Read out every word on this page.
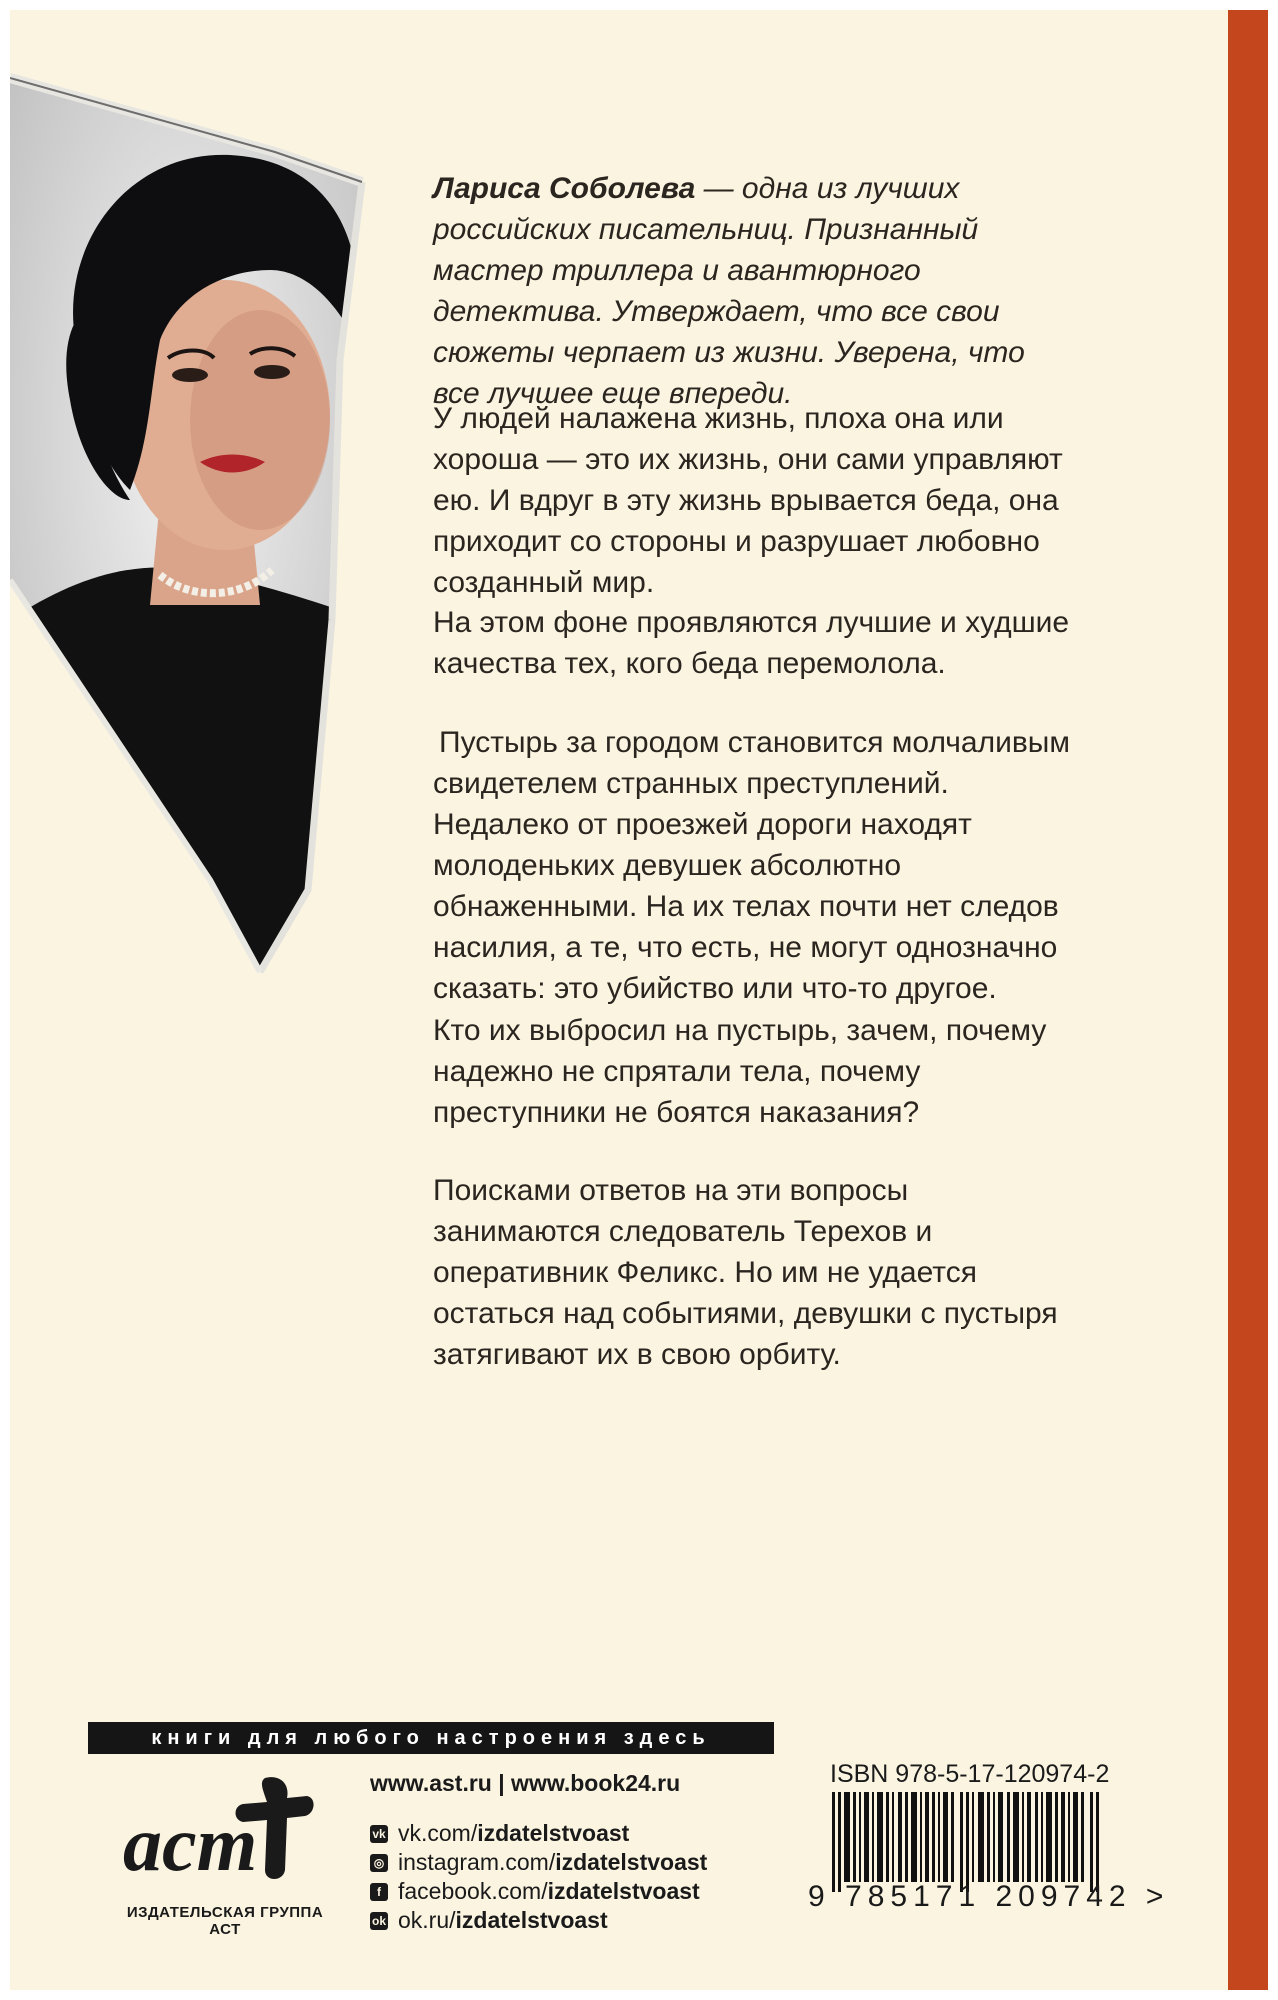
Лариса Соболева — одна из лучших российских писательниц. Признанный мастер триллера и авантюрного детектива. Утверждает, что все свои сюжеты черпает из жизни. Уверена, что все лучшее еще впереди.

У людей налажена жизнь, плоха она или хороша — это их жизнь, они сами управляют ею. И вдруг в эту жизнь врывается беда, она приходит со стороны и разрушает любовно созданный мир.

На этом фоне проявляются лучшие и худшие качества тех, кого беда перемолола.

Пустырь за городом становится молчаливым свидетелем странных преступлений. Недалеко от проезжей дороги находят молоденьких девушек абсолютно обнаженными. На их телах почти нет следов насилия, а те, что есть, не могут однозначно сказать: это убийство или что-то другое.

Кто их выбросил на пустырь, зачем, почему надежно не спрятали тела, почему преступники не боятся наказания?

Поисками ответов на эти вопросы занимаются следователь Терехов и оперативник Феликс. Но им не удается остаться над событиями, девушки с пустыря затягивают их в свою орбиту.

книги для любого настроения здесь
аст
ИЗДАТЕЛЬСКАЯ ГРУППА АСТ
www.ast.ru | www.book24.ru
vk vk.com/ izdatelstvoast
◎ instagram.com/ izdatelstvoast
f facebook.com/ izdatelstvoast
ok ok.ru/ izdatelstvoast
ISBN 978-5-17-120974-2
9 785171 209742 >
